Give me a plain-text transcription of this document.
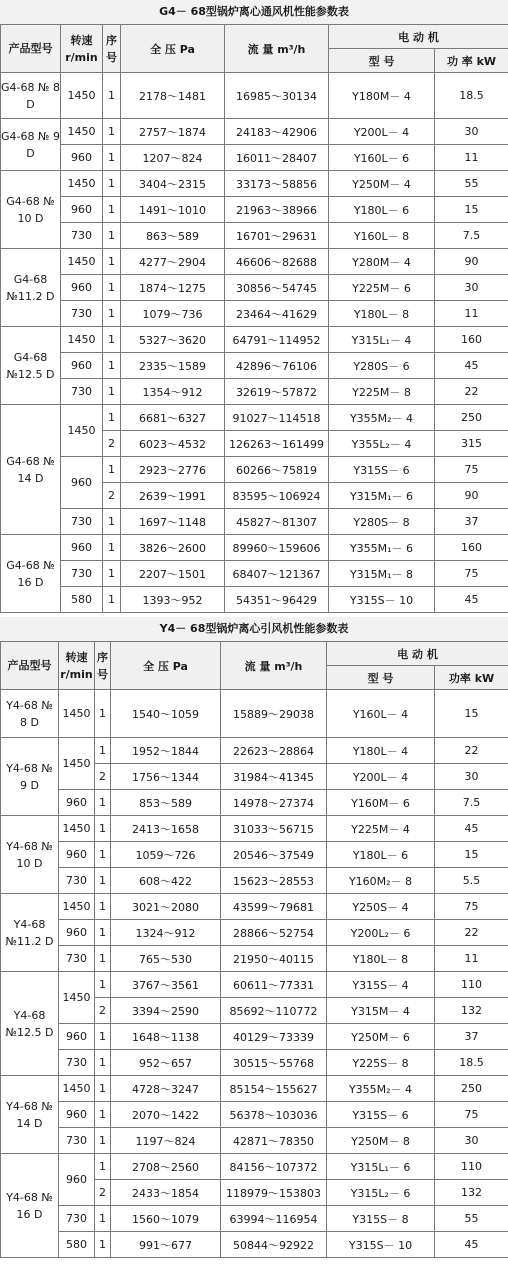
G4－ 68型锅炉离心通风机性能参数表
产品型号	转速 r/min	序号	全 压 Pa	流 量 m³/h	电 动 机	
					型 号	功 率 kW
G4-68 № 8 D	1450	1	2178～1481	16985～30134	Y180M－ 4	18.5
G4-68 № 9 D	1450	1	2757～1874	24183～42906	Y200L－ 4	30
	960	1	1207～824	16011～28407	Y160L－ 6	11
G4-68 № 10 D	1450	1	3404～2315	33173～58856	Y250M－ 4	55
	960	1	1491～1010	21963～38966	Y180L－ 6	15
	730	1	863～589	16701～29631	Y160L－ 8	7.5
G4-68 №11.2 D	1450	1	4277～2904	46606～82688	Y280M－ 4	90
	960	1	1874～1275	30856～54745	Y225M－ 6	30
	730	1	1079～736	23464～41629	Y180L－ 8	11
G4-68 №12.5 D	1450	1	5327～3620	64791～114952	Y315L₁－ 4	160
	960	1	2335～1589	42896～76106	Y280S－ 6	45
	730	1	1354～912	32619～57872	Y225M－ 8	22
G4-68 № 14 D	1450	1	6681～6327	91027～114518	Y355M₂－ 4	250
		2	6023～4532	126263～161499	Y355L₂－ 4	315
	960	1	2923～2776	60266～75819	Y315S－ 6	75
		2	2639～1991	83595～106924	Y315M₁－ 6	90
	730	1	1697～1148	45827～81307	Y280S－ 8	37
G4-68 № 16 D	960	1	3826～2600	89960～159606	Y355M₁－ 6	160
	730	1	2207～1501	68407～121367	Y315M₁－ 8	75
	580	1	1393～952	54351～96429	Y315S－ 10	45
Y4－ 68型锅炉离心引风机性能参数表
产品型号	转速 r/min	序号	全 压 Pa	流 量 m³/h	电 动 机	
					型 号	功率 kW
Y4-68 № 8 D	1450	1	1540～1059	15889～29038	Y160L－ 4	15
Y4-68 № 9 D	1450	1	1952～1844	22623～28864	Y180L－ 4	22
		2	1756～1344	31984～41345	Y200L－ 4	30
	960	1	853～589	14978～27374	Y160M－ 6	7.5
Y4-68 № 10 D	1450	1	2413～1658	31033～56715	Y225M－ 4	45
	960	1	1059～726	20546～37549	Y180L－ 6	15
	730	1	608～422	15623～28553	Y160M₂－ 8	5.5
Y4-68 №11.2 D	1450	1	3021～2080	43599～79681	Y250S－ 4	75
	960	1	1324～912	28866～52754	Y200L₂－ 6	22
	730	1	765～530	21950～40115	Y180L－ 8	11
Y4-68 №12.5 D	1450	1	3767～3561	60611～77331	Y315S－ 4	110
		2	3394～2590	85692～110772	Y315M－ 4	132
	960	1	1648～1138	40129～73339	Y250M－ 6	37
	730	1	952～657	30515～55768	Y225S－ 8	18.5
Y4-68 № 14 D	1450	1	4728～3247	85154～155627	Y355M₂－ 4	250
	960	1	2070～1422	56378～103036	Y315S－ 6	75
	730	1	1197～824	42871～78350	Y250M－ 8	30
Y4-68 № 16 D	960	1	2708～2560	84156～107372	Y315L₁－ 6	110
		2	2433～1854	118979～153803	Y315L₂－ 6	132
	730	1	1560～1079	63994～116954	Y315S－ 8	55
	580	1	991～677	50844～92922	Y315S－ 10	45
